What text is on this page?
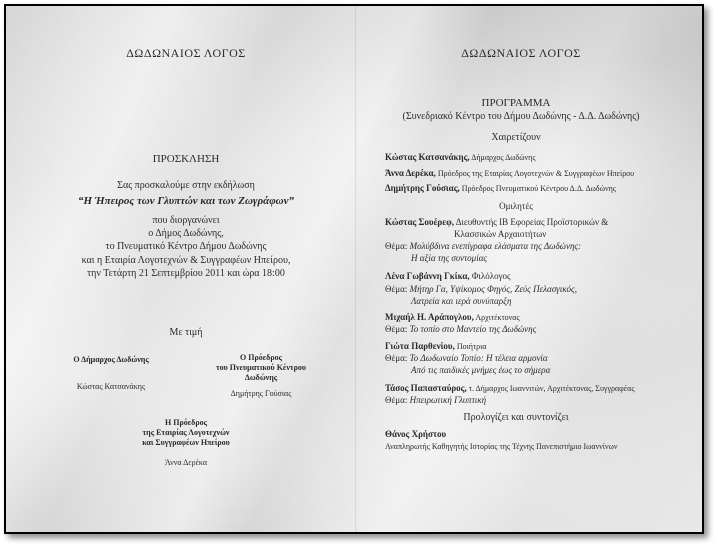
ΔΩΔΩΝΑΙΟΣ ΛΟΓΟΣ
ΠΡΟΣΚΛΗΣΗ
Σας προσκαλούμε στην εκδήλωση
“Η Ήπειρος των Γλυπτών και των Ζωγράφων”
που διοργανώνει
ο Δήμος Δωδώνης,
το Πνευματικό Κέντρο Δήμου Δωδώνης
και η Εταιρία Λογοτεχνών & Συγγραφέων Ηπείρου,
την Τετάρτη 21 Σεπτεμβρίου 2011 και ώρα 18:00
Με τιμή
Ο Δήμαρχος Δωδώνης
Κώστας Κατσανάκης
Ο Πρόεδρος
του Πνευματικού Κέντρου
Δωδώνης
Δημήτρης Γούσιας
Η Πρόεδρος
της Εταιρίας Λογοτεχνών
και Συγγραφέων Ηπείρου
Άννα Δερέκα
ΔΩΔΩΝΑΙΟΣ ΛΟΓΟΣ
ΠΡΟΓΡΑΜΜΑ
(Συνεδριακό Κέντρο του Δήμου Δωδώνης - Δ.Δ. Δωδώνης)
Χαιρετίζουν
Κώστας Κατσανάκης, Δήμαρχος Δωδώνης
Άννα Δερέκα, Πρόεδρος της Εταιρίας Λογοτεχνών & Συγγραφέων Ηπείρου
Δημήτρης Γούσιας, Πρόεδρος Πνευματικού Κέντρου Δ.Δ. Δωδώνης
Ομιλητές
Κώστας Σουέρεφ, Διευθυντής ΙΒ Εφορείας Προϊστορικών &
Κλασσικών Αρχαιοτήτων
Θέμα: Μολύβδινα ενεπίγραφα ελάσματα της Δωδώνης:
Η αξία της συντομίας
Λένα Γωβάννη Γκίκα, Φιλόλογος
Θέμα: Μήτηρ Γα, Υψίκομος Φηγός, Ζεύς Πελασγικός,
Λατρεία και ιερά συνύπαρξη
Μιχαήλ Η. Αράπογλου, Αρχιτέκτονας
Θέμα: Το τοπίο στο Μαντείο της Δωδώνης
Γιώτα Παρθενίου, Ποιήτρια
Θέμα: Το Δωδωναίο Τοπίο: Η τέλεια αρμονία
Από τις παιδικές μνήμες έως το σήμερα
Τάσος Παπασταύρος, τ. Δήμαρχος Ιωαννιτών, Αρχιτέκτονας, Συγγραφέας
Θέμα: Ηπειρωτική Γλυπτική
Προλογίζει και συντονίζει
Θάνος Χρήστου
Αναπληρωτής Καθηγητής Ιστορίας της Τέχνης Πανεπιστήμιο Ιωαννίνων
